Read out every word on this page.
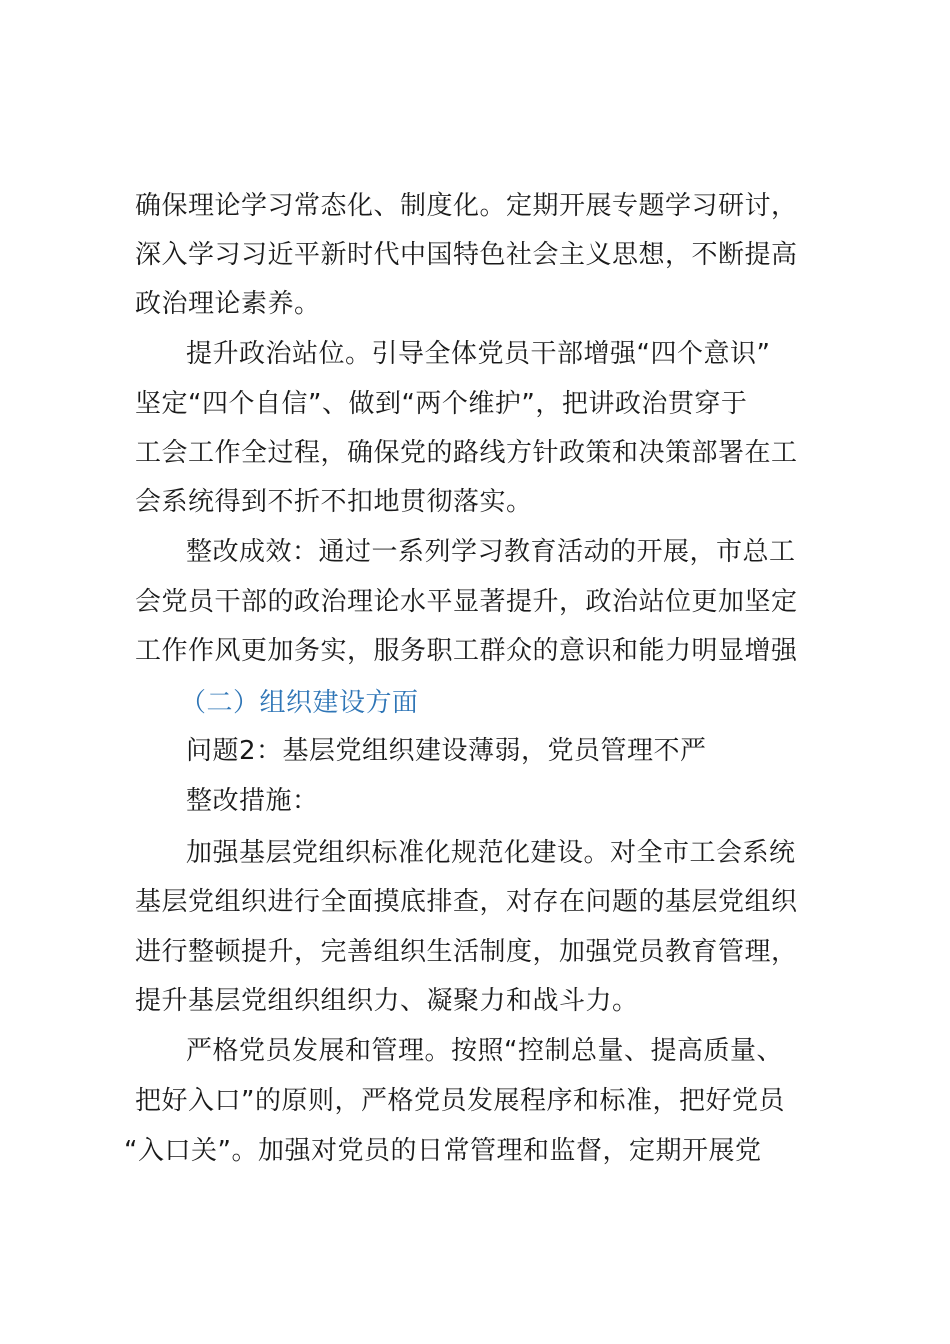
确保理论学习常态化、制度化。定期开展专题学习研讨，
深入学习习近平新时代中国特色社会主义思想，不断提高
政治理论素养。
提升政治站位。引导全体党员干部增强“四个意识”
坚定“四个自信”、做到“两个维护”，把讲政治贯穿于
工会工作全过程，确保党的路线方针政策和决策部署在工
会系统得到不折不扣地贯彻落实。
整改成效：通过一系列学习教育活动的开展，市总工
会党员干部的政治理论水平显著提升，政治站位更加坚定
工作作风更加务实，服务职工群众的意识和能力明显增强
（二）组织建设方面
问题2：基层党组织建设薄弱，党员管理不严
整改措施：
加强基层党组织标准化规范化建设。对全市工会系统
基层党组织进行全面摸底排查，对存在问题的基层党组织
进行整顿提升，完善组织生活制度，加强党员教育管理，
提升基层党组织组织力、凝聚力和战斗力。
严格党员发展和管理。按照“控制总量、提高质量、
把好入口”的原则，严格党员发展程序和标准，把好党员
“入口关”。加强对党员的日常管理和监督，定期开展党
